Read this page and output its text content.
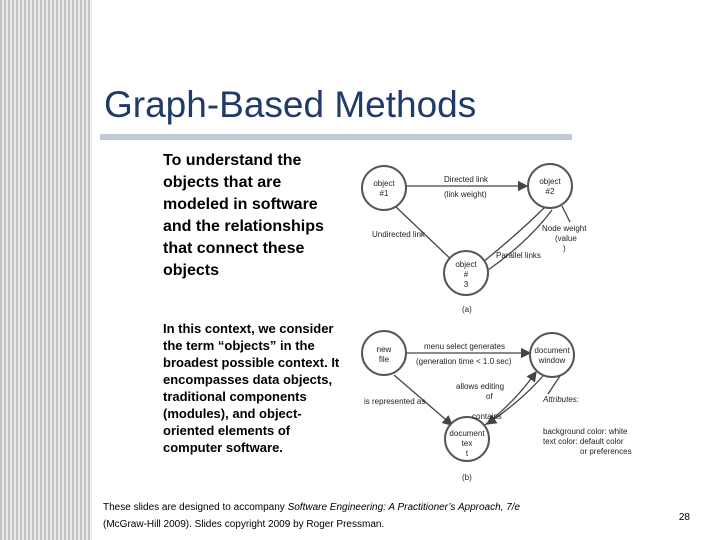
Graph-Based Methods
To understand the objects that are modeled in software and the relationships that connect these objects
In this context, we consider the term “objects” in the broadest possible context. It encompasses data objects, traditional components (modules), and object-oriented elements of computer software.
object
#1
object
#2
object
#
3
Directed link
(link weight)
Undirected link
Parallel links
Node weight
(value
)
(a)
new
file
document
window
document
tex
t
menu select generates
(generation time < 1.0 sec)
allows editing
of
contains
is represented as	Attributes:
background color: white
text color: default color
or preferences
(b)
These slides are designed to accompany Software Engineering: A Practitioner’s Approach, 7/e
(McGraw-Hill 2009). Slides copyright 2009 by Roger Pressman.
28
